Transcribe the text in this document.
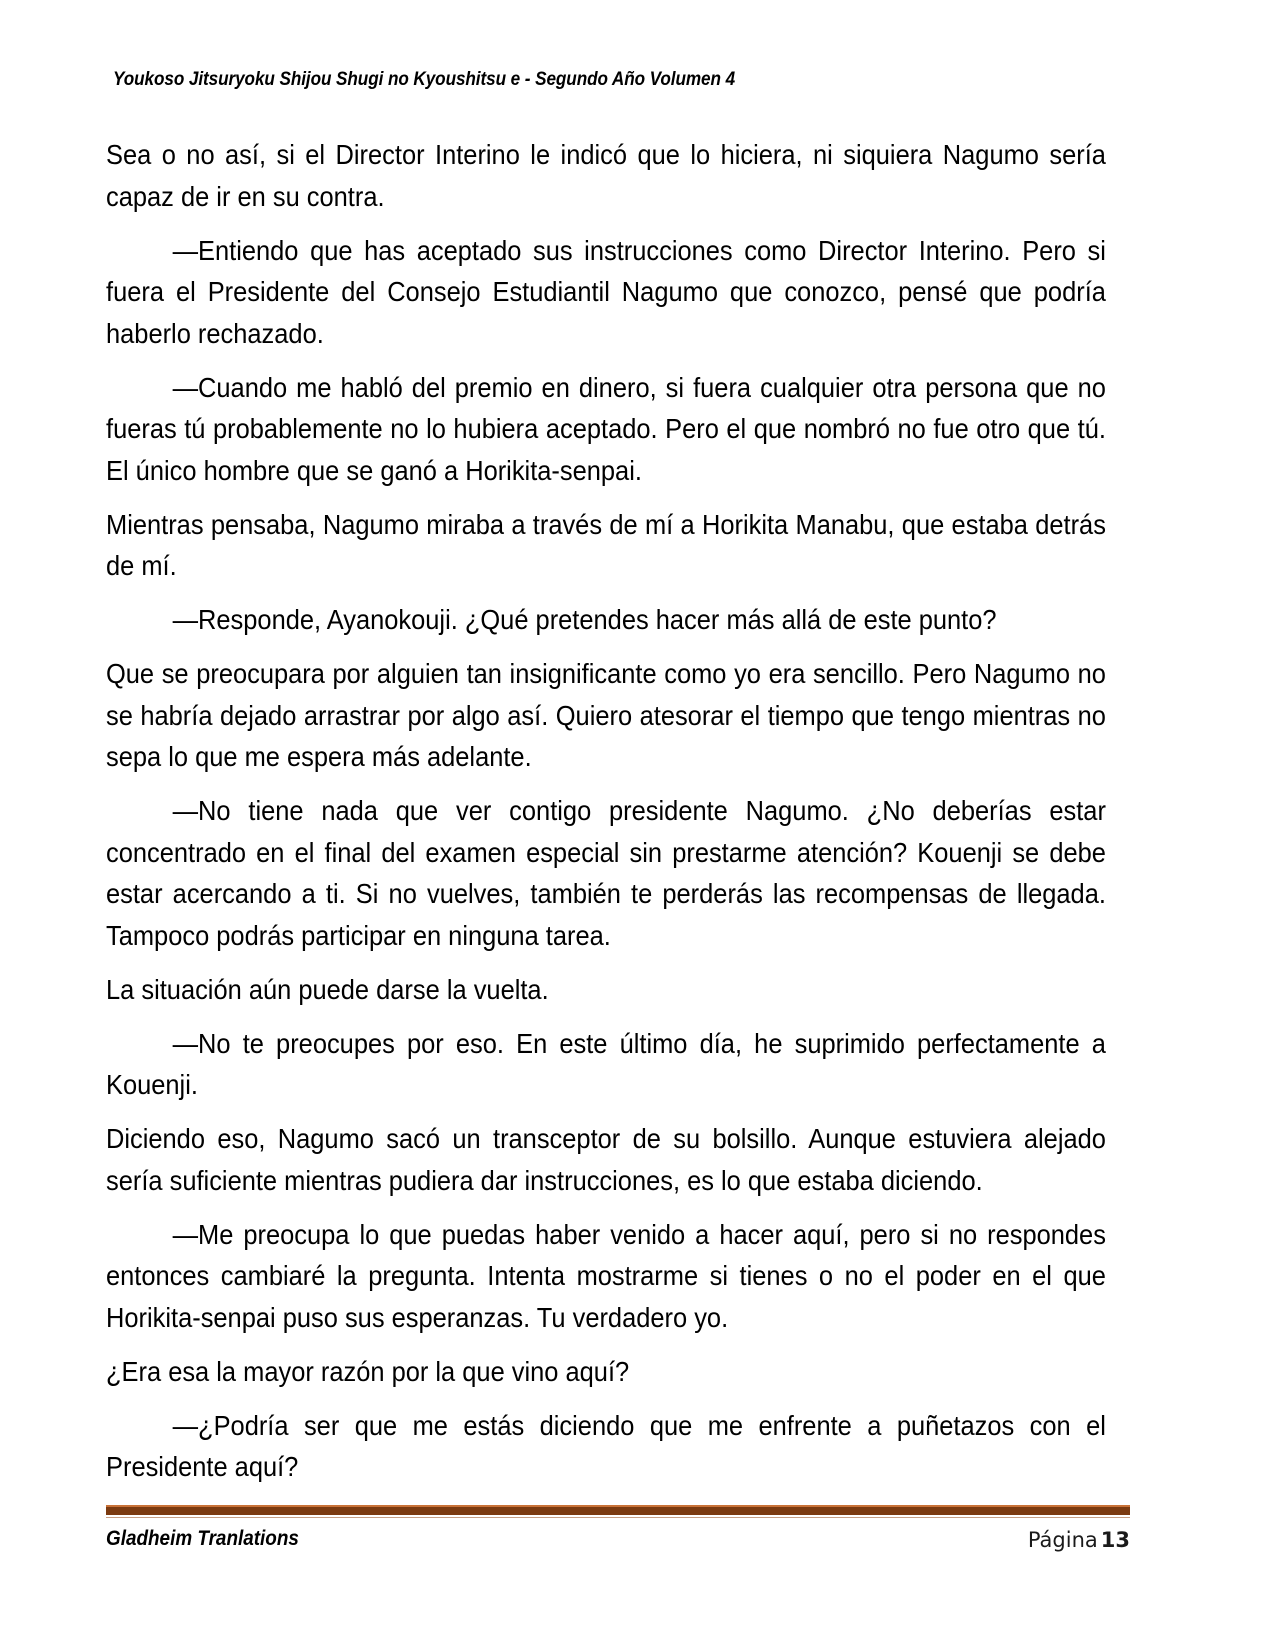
Youkoso Jitsuryoku Shijou Shugi no Kyoushitsu e - Segundo Año Volumen 4

Sea o no así, si el Director Interino le indicó que lo hiciera, ni siquiera Nagumo sería capaz de ir en su contra.

—Entiendo que has aceptado sus instrucciones como Director Interino. Pero si fuera el Presidente del Consejo Estudiantil Nagumo que conozco, pensé que podría haberlo rechazado.

—Cuando me habló del premio en dinero, si fuera cualquier otra persona que no fueras tú probablemente no lo hubiera aceptado. Pero el que nombró no fue otro que tú. El único hombre que se ganó a Horikita-senpai.

Mientras pensaba, Nagumo miraba a través de mí a Horikita Manabu, que estaba detrás de mí.

—Responde, Ayanokouji. ¿Qué pretendes hacer más allá de este punto?

Que se preocupara por alguien tan insignificante como yo era sencillo. Pero Nagumo no se habría dejado arrastrar por algo así. Quiero atesorar el tiempo que tengo mientras no sepa lo que me espera más adelante.

—No tiene nada que ver contigo presidente Nagumo. ¿No deberías estar concentrado en el final del examen especial sin prestarme atención? Kouenji se debe estar acercando a ti. Si no vuelves, también te perderás las recompensas de llegada. Tampoco podrás participar en ninguna tarea.

La situación aún puede darse la vuelta.

—No te preocupes por eso. En este último día, he suprimido perfectamente a Kouenji.

Diciendo eso, Nagumo sacó un transceptor de su bolsillo. Aunque estuviera alejado sería suficiente mientras pudiera dar instrucciones, es lo que estaba diciendo.

—Me preocupa lo que puedas haber venido a hacer aquí, pero si no respondes entonces cambiaré la pregunta. Intenta mostrarme si tienes o no el poder en el que Horikita-senpai puso sus esperanzas. Tu verdadero yo.

¿Era esa la mayor razón por la que vino aquí?

—¿Podría ser que me estás diciendo que me enfrente a puñetazos con el Presidente aquí?

Gladheim Tranlations	Página 13
